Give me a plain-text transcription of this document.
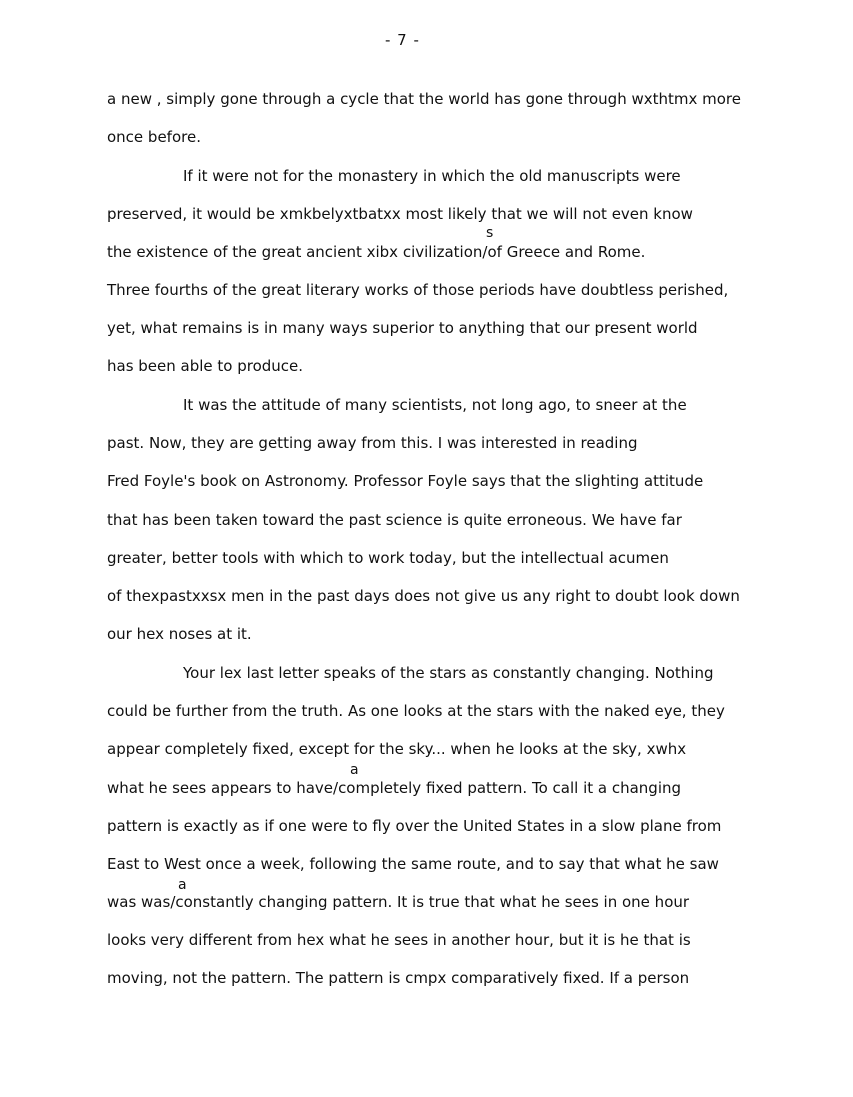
- 7 -
s
a
a
a new , simply gone through a cycle that the world has gone through wxthtmx more
once before.
If it were not for the monastery in which the old manuscripts were
preserved, it would be xmkbelyxtbatxx most likely that we will not even know
the existence of the great ancient xibx civilization/of Greece and Rome.
Three fourths of the great literary works of those periods have doubtless perished,
yet, what remains is in many ways superior to anything that our present world
has been able to produce.
It was the attitude of many scientists, not long ago, to sneer at the
past. Now, they are getting away from this. I was interested in reading
Fred Foyle's book on Astronomy. Professor Foyle says that the slighting attitude
that has been taken toward the past science is quite erroneous. We have far
greater, better tools with which to work today, but the intellectual acumen
of thexpastxxsx men in the past days does not give us any right to doubt look down
our hex noses at it.
Your lex last letter speaks of the stars as constantly changing. Nothing
could be further from the truth. As one looks at the stars with the naked eye, they
appear completely fixed, except for the sky... when he looks at the sky, xwhx
what he sees appears to have/completely fixed pattern. To call it a changing
pattern is exactly as if one were to fly over the United States in a slow plane from
East to West once a week, following the same route, and to say that what he saw
was was/constantly changing pattern. It is true that what he sees in one hour
looks very different from hex what he sees in another hour, but it is he that is
moving, not the pattern. The pattern is cmpx comparatively fixed. If a person
